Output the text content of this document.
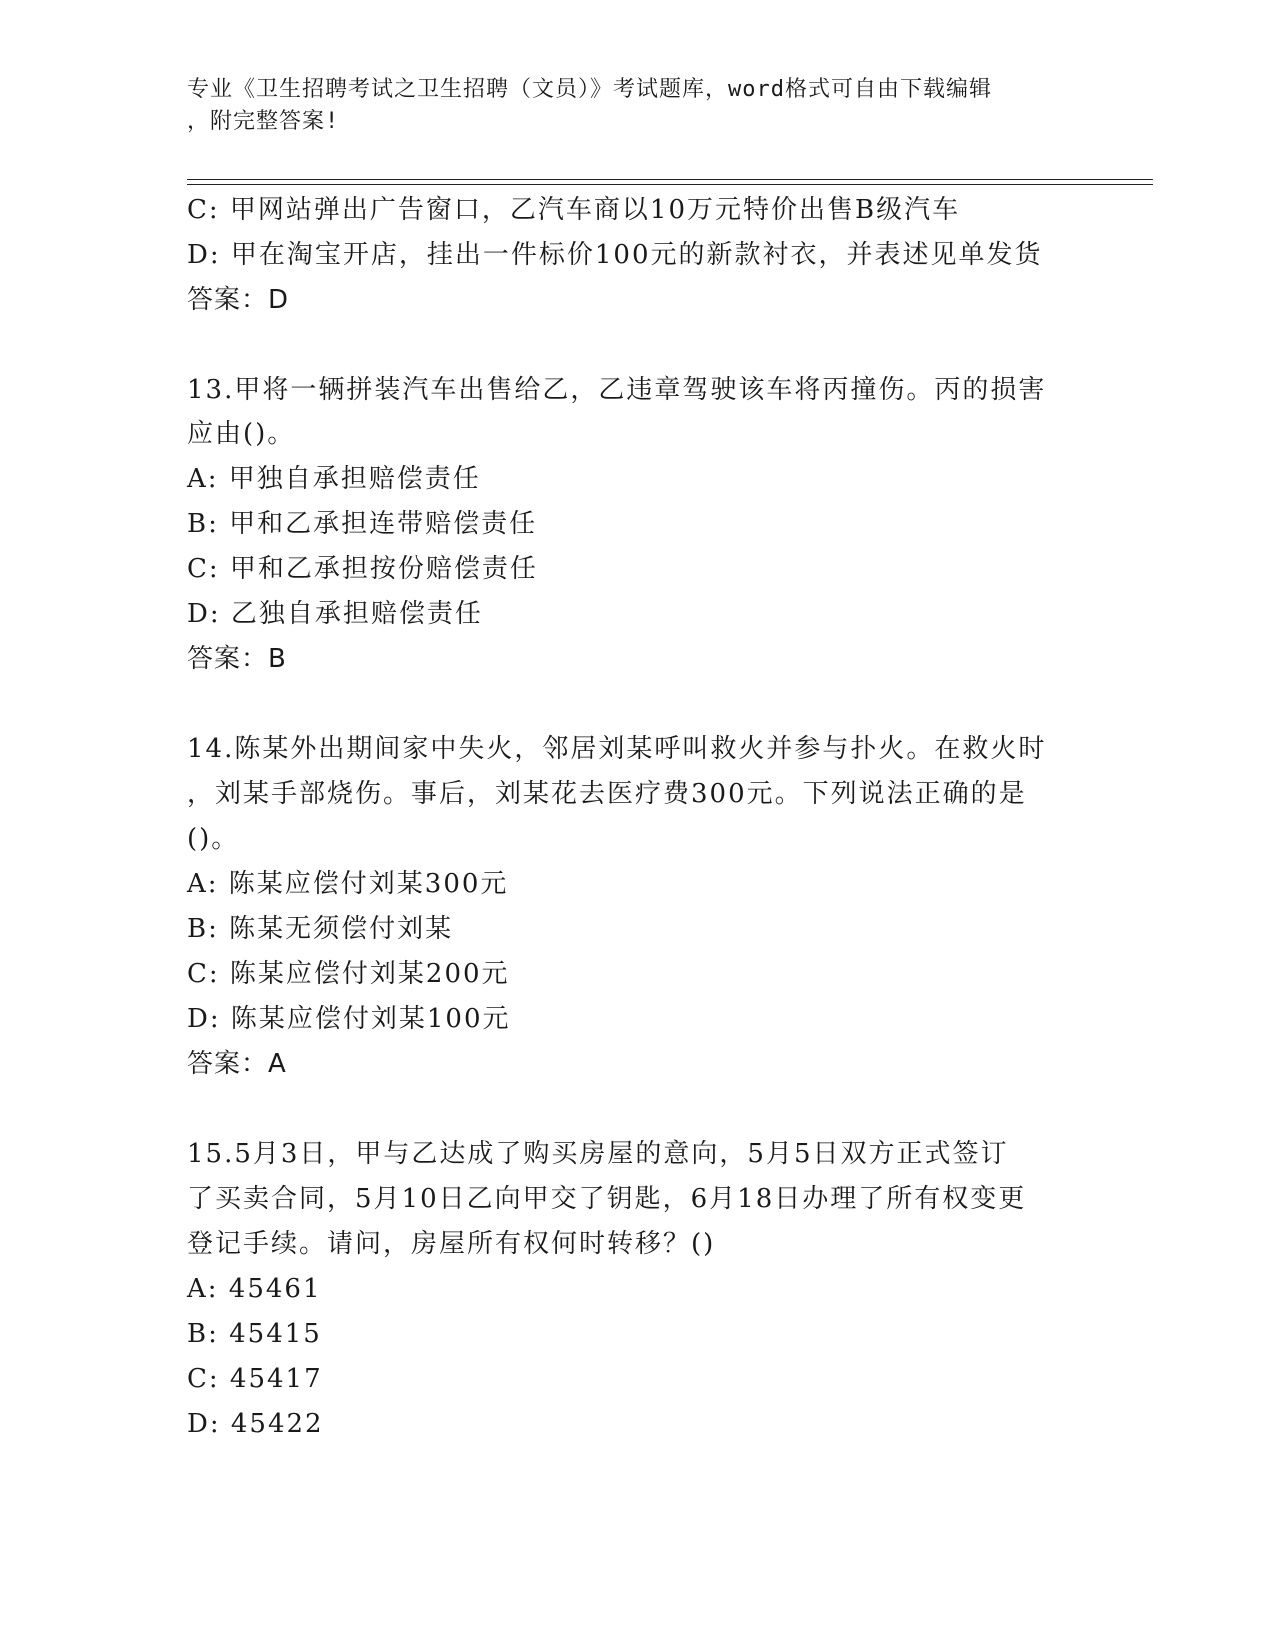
专业《卫生招聘考试之卫生招聘（文员）》考试题库，word格式可自由下载编辑
，附完整答案!
C: 甲网站弹出广告窗口，乙汽车商以10万元特价出售B级汽车
D: 甲在淘宝开店，挂出一件标价100元的新款衬衣，并表述见单发货
答案：D
13.甲将一辆拼装汽车出售给乙，乙违章驾驶该车将丙撞伤。丙的损害
应由()。
A: 甲独自承担赔偿责任
B: 甲和乙承担连带赔偿责任
C: 甲和乙承担按份赔偿责任
D: 乙独自承担赔偿责任
答案：B
14.陈某外出期间家中失火，邻居刘某呼叫救火并参与扑火。在救火时
，刘某手部烧伤。事后，刘某花去医疗费300元。下列说法正确的是
()。
A: 陈某应偿付刘某300元
B: 陈某无须偿付刘某
C: 陈某应偿付刘某200元
D: 陈某应偿付刘某100元
答案：A
15.5月3日，甲与乙达成了购买房屋的意向，5月5日双方正式签订
了买卖合同，5月10日乙向甲交了钥匙，6月18日办理了所有权变更
登记手续。请问，房屋所有权何时转移？()
A: 45461
B: 45415
C: 45417
D: 45422
